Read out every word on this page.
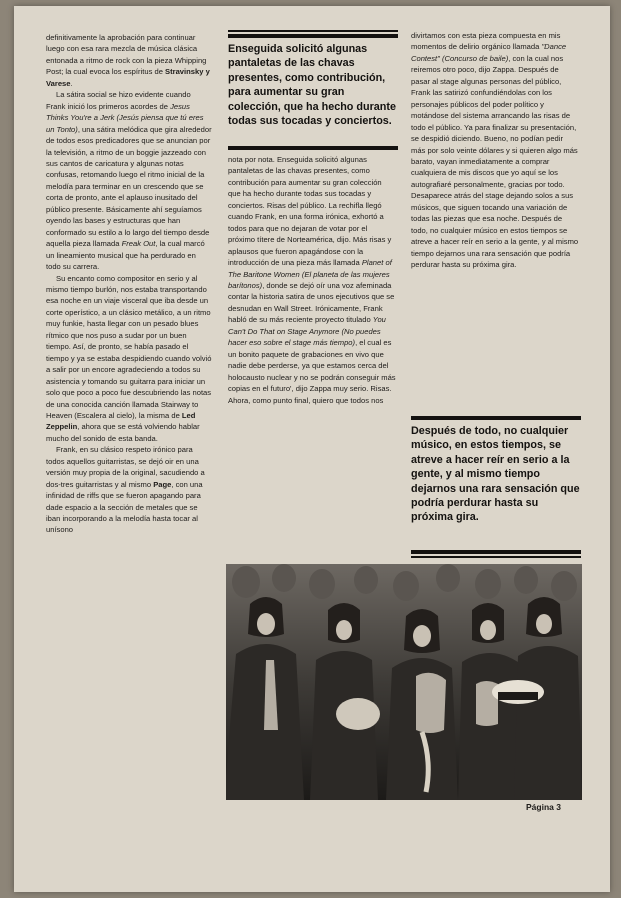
definitivamente la aprobación para continuar luego con esa rara mezcla de música clásica entonada a ritmo de rock con la pieza Whipping Post; la cual evoca los espíritus de Stravinsky y Varese.

La sátira social se hizo evidente cuando Frank inició los primeros acordes de Jesus Thinks You're a Jerk (Jesús piensa que tú eres un Tonto), una sátira melódica que gira alrededor de todos esos predicadores que se anuncian por la televisión, a ritmo de un boggie jazzeado con sus cantos de caricatura y algunas notas confusas, retomando luego el ritmo inicial de la melodía para terminar en un crescendo que se corta de pronto, ante el aplauso inusitado del público presente. Básicamente ahí seguíamos oyendo las bases y estructuras que han conformado su estilo a lo largo del tiempo desde aquella pieza llamada Freak Out, la cual marcó un lineamiento musical que ha perdurado en todo su carrera.

Su encanto como compositor en serio y al mismo tiempo burlón, nos estaba transportando esa noche en un viaje visceral que iba desde un corte operístico, a un clásico metálico, a un ritmo muy funkie, hasta llegar con un pesado blues rítmico que nos puso a sudar por un buen tiempo. Así, de pronto, se había pasado el tiempo y ya se estaba despidiendo cuando volvió a salir por un encore agradeciendo a todos su asistencia y tomando su guitarra para iniciar un solo que poco a poco fue descubriendo las notas de una conocida canción llamada Stairway to Heaven (Escalera al cielo), la misma de Led Zeppelin, ahora que se está volviendo hablar mucho del sonido de esta banda.

Frank, en su clásico respeto irónico para todos aquellos guitarristas, se dejó oir en una versión muy propia de la original, sacudiendo a dos-tres guitarristas y al mismo Page, con una infinidad de riffs que se fueron apagando para dade espacio a la sección de metales que se iban incorporando a la melodía hasta tocar al unísono

Enseguida solicitó algunas pantaletas de las chavas presentes, como contribución, para aumentar su gran colección, que ha hecho durante todas sus tocadas y conciertos.

nota por nota. Enseguida solicitó algunas pantaletas de las chavas presentes, como contribución para aumentar su gran colección que ha hecho durante todas sus tocadas y conciertos. Risas del público. La rechifla llegó cuando Frank, en una forma irónica, exhortó a todos para que no dejaran de votar por el próximo títere de Norteamérica, dijo. Más risas y aplausos que fueron apagándose con la introducción de una pieza más llamada Planet of The Baritone Women (El planeta de las mujeres barítonos), donde se dejó oír una voz afeminada contar la historia satira de unos ejecutivos que se desnudan en Wall Street. Irónicamente, Frank habló de su más reciente proyecto titulado You Can't Do That on Stage Anymore (No puedes hacer eso sobre el stage más tiempo), el cual es un bonito paquete de grabaciones en vivo que nadie debe perderse, ya que estamos cerca del holocausto nuclear y no se podrán conseguir más copias en el futuro', dijo Zappa muy serio. Risas. Ahora, como punto final, quiero que todos nos

divirtamos con esta pieza compuesta en mis momentos de delirio orgánico llamada "Dance Contest" (Concurso de baile), con la cual nos reiremos otro poco, dijo Zappa. Después de pasar al stage algunas personas del público, Frank las satirizó confundiéndolas con los personajes públicos del poder político y motándose del sistema arrancando las risas de todo el público. Ya para finalizar su presentación, se despidió diciendo. Bueno, no podían pedir más por solo veinte dólares y si quieren algo más barato, vayan inmediatamente a comprar cualquiera de mis discos que yo aquí se los autografiaré personalmente, gracias por todo. Desaparece atrás del stage dejando solos a sus músicos, que siguen tocando una variación de todas las piezas que esa noche. Después de todo, no cualquier músico en estos tiempos se atreve a hacer reír en serio a la gente, y al mismo tiempo dejarnos una rara sensación que podría perdurar hasta su próxima gira.

Después de todo, no cualquier músico, en estos tiempos, se atreve a hacer reír en serio a la gente, y al mismo tiempo dejarnos una rara sensación que podría perdurar hasta su próxima gira.
Página 3
